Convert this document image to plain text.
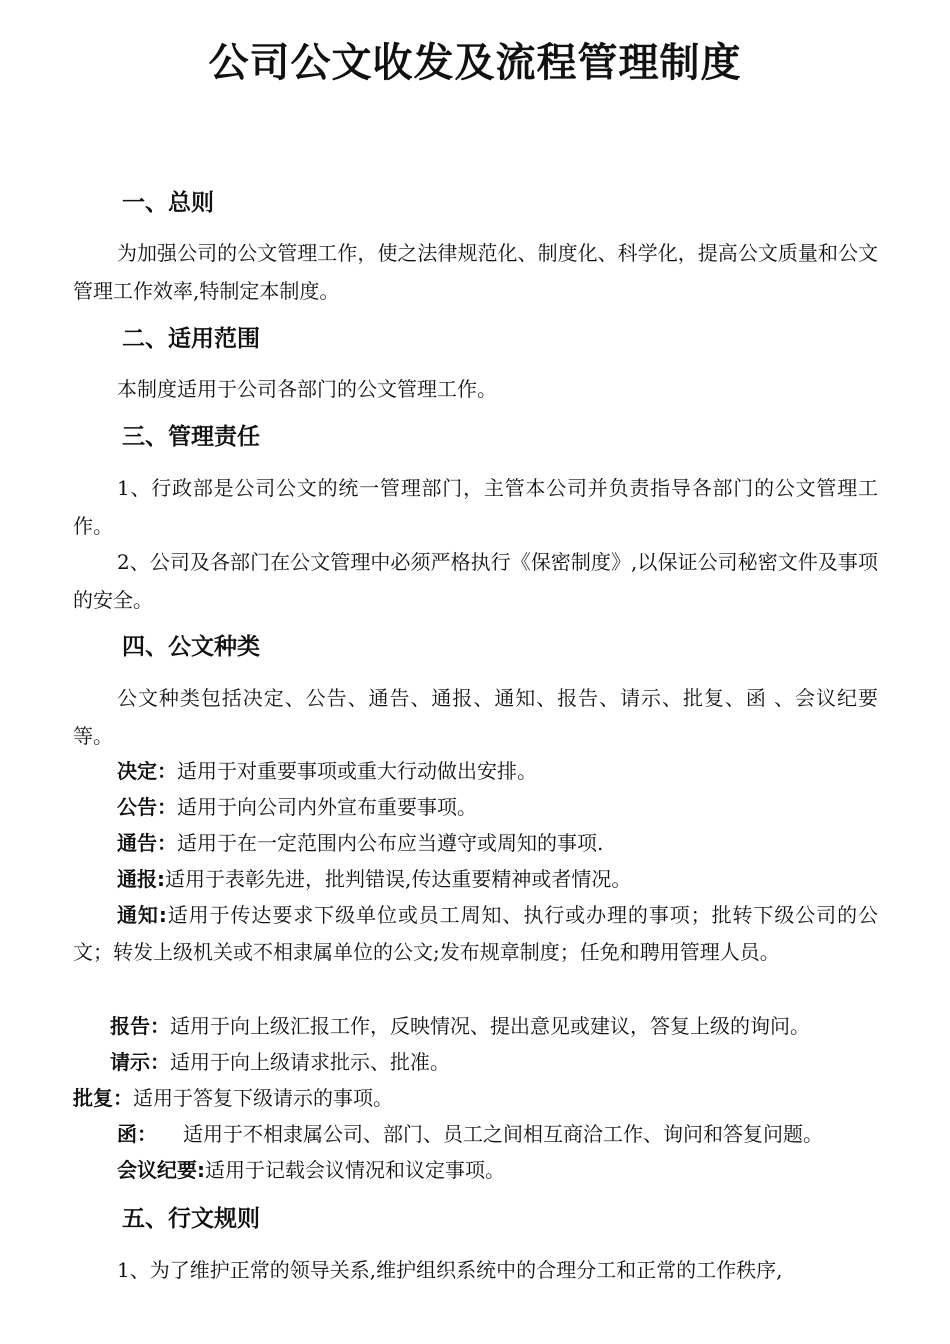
公司公文收发及流程管理制度
一、总则

为加强公司的公文管理工作，使之法律规范化、制度化、科学化，提高公文质量和公文管理工作效率,特制定本制度。

二、适用范围

本制度适用于公司各部门的公文管理工作。

三、管理责任

1、行政部是公司公文的统一管理部门，主管本公司并负责指导各部门的公文管理工作。

2、公司及各部门在公文管理中必须严格执行《保密制度》,以保证公司秘密文件及事项的安全。

四、公文种类

公文种类包括决定、公告、通告、通报、通知、报告、请示、批复、函 、会议纪要等。

决定：适用于对重要事项或重大行动做出安排。
公告：适用于向公司内外宣布重要事项。
通告：适用于在一定范围内公布应当遵守或周知的事项.
通报:适用于表彰先进，批判错误,传达重要精神或者情况。

通知:适用于传达要求下级单位或员工周知、执行或办理的事项；批转下级公司的公文；转发上级机关或不相隶属单位的公文;发布规章制度；任免和聘用管理人员。

报告：适用于向上级汇报工作，反映情况、提出意见或建议，答复上级的询问。
请示：适用于向上级请求批示、批准。
批复：适用于答复下级请示的事项。
函： 适用于不相隶属公司、部门、员工之间相互商洽工作、询问和答复问题。
会议纪要:适用于记载会议情况和议定事项。
五、行文规则

1、为了维护正常的领导关系,维护组织系统中的合理分工和正常的工作秩序,
